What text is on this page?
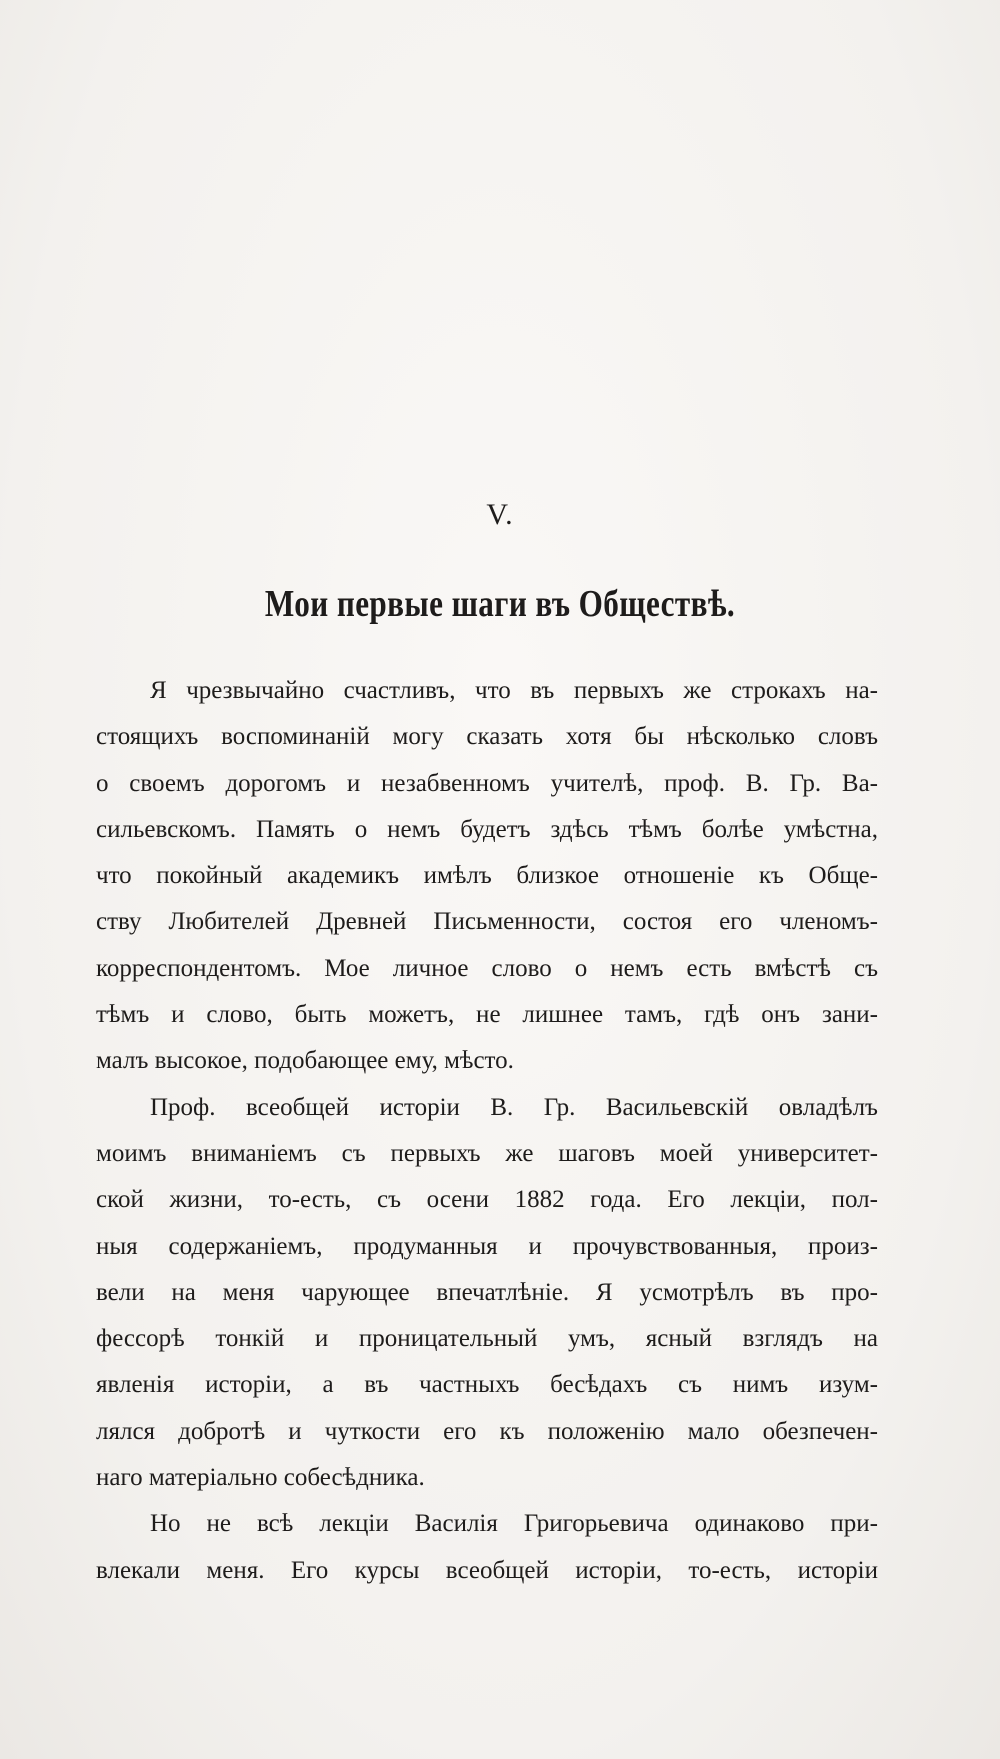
V.
Мои первые шаги въ Обществѣ.
Я чрезвычайно счастливъ, что въ первыхъ же строкахъ на-
стоящихъ воспоминаній могу сказать хотя бы нѣсколько словъ
о своемъ дорогомъ и незабвенномъ учителѣ, проф. В. Гр. Ва-
сильевскомъ. Память о немъ будетъ здѣсь тѣмъ болѣе умѣстна,
что покойный академикъ имѣлъ близкое отношеніе къ Обще-
ству Любителей Древней Письменности, состоя его членомъ-
корреспондентомъ. Мое личное слово о немъ есть вмѣстѣ съ
тѣмъ и слово, быть можетъ, не лишнее тамъ, гдѣ онъ зани-
малъ высокое, подобающее ему, мѣсто.
Проф. всеобщей исторіи В. Гр. Васильевскій овладѣлъ
моимъ вниманіемъ съ первыхъ же шаговъ моей университет-
ской жизни, то-есть, съ осени 1882 года. Его лекціи, пол-
ныя содержаніемъ, продуманныя и прочувствованныя, произ-
вели на меня чарующее впечатлѣніе. Я усмотрѣлъ въ про-
фессорѣ тонкій и проницательный умъ, ясный взглядъ на
явленія исторіи, а въ частныхъ бесѣдахъ съ нимъ изум-
лялся добротѣ и чуткости его къ положенію мало обезпечен-
наго матеріально собесѣдника.
Но не всѣ лекціи Василія Григорьевича одинаково при-
влекали меня. Его курсы всеобщей исторіи, то-есть, исторіи
